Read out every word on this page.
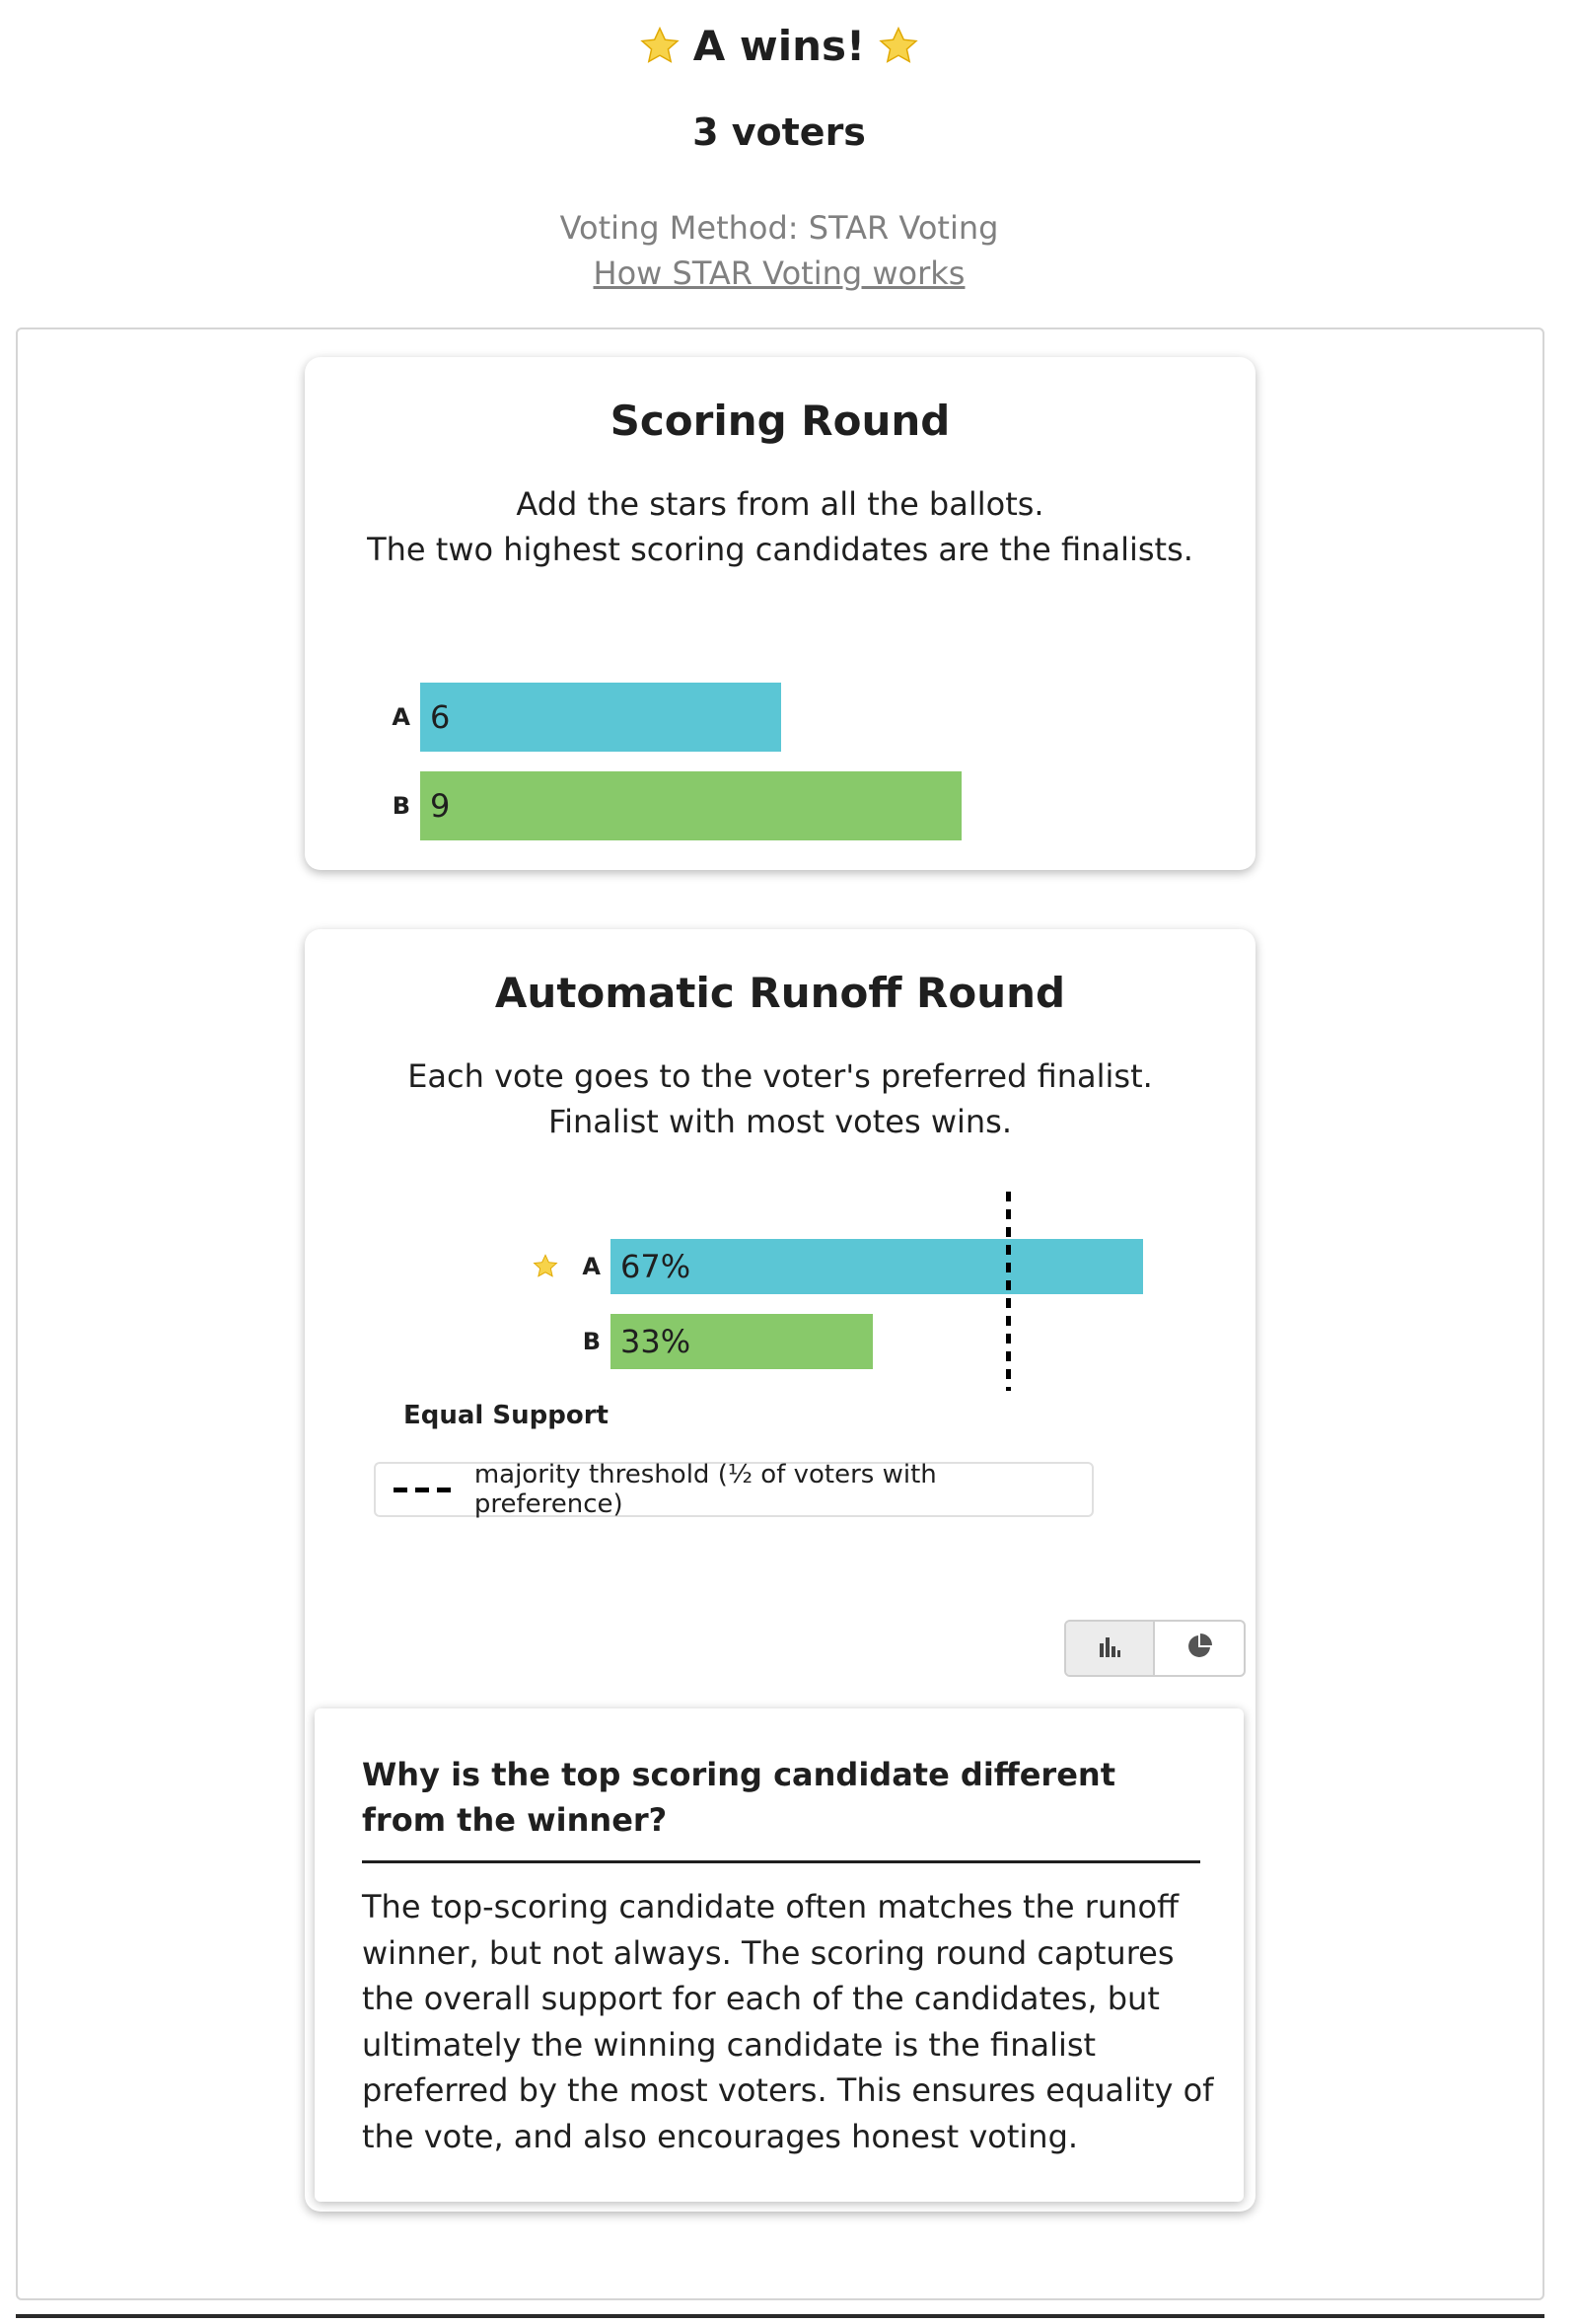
A wins!
3 voters
Voting Method: STAR Voting
How STAR Voting works
Scoring Round
Add the stars from all the ballots.
The two highest scoring candidates are the finalists.
A 6
B 9
Automatic Runoff Round
Each vote goes to the voter's preferred finalist.
Finalist with most votes wins.
A 67%
B 33%
Equal Support
majority threshold (½ of voters with preference)
Why is the top scoring candidate different from the winner?
The top-scoring candidate often matches the runoff winner, but not always. The scoring round captures the overall support for each of the candidates, but ultimately the winning candidate is the finalist preferred by the most voters. This ensures equality of the vote, and also encourages honest voting.
